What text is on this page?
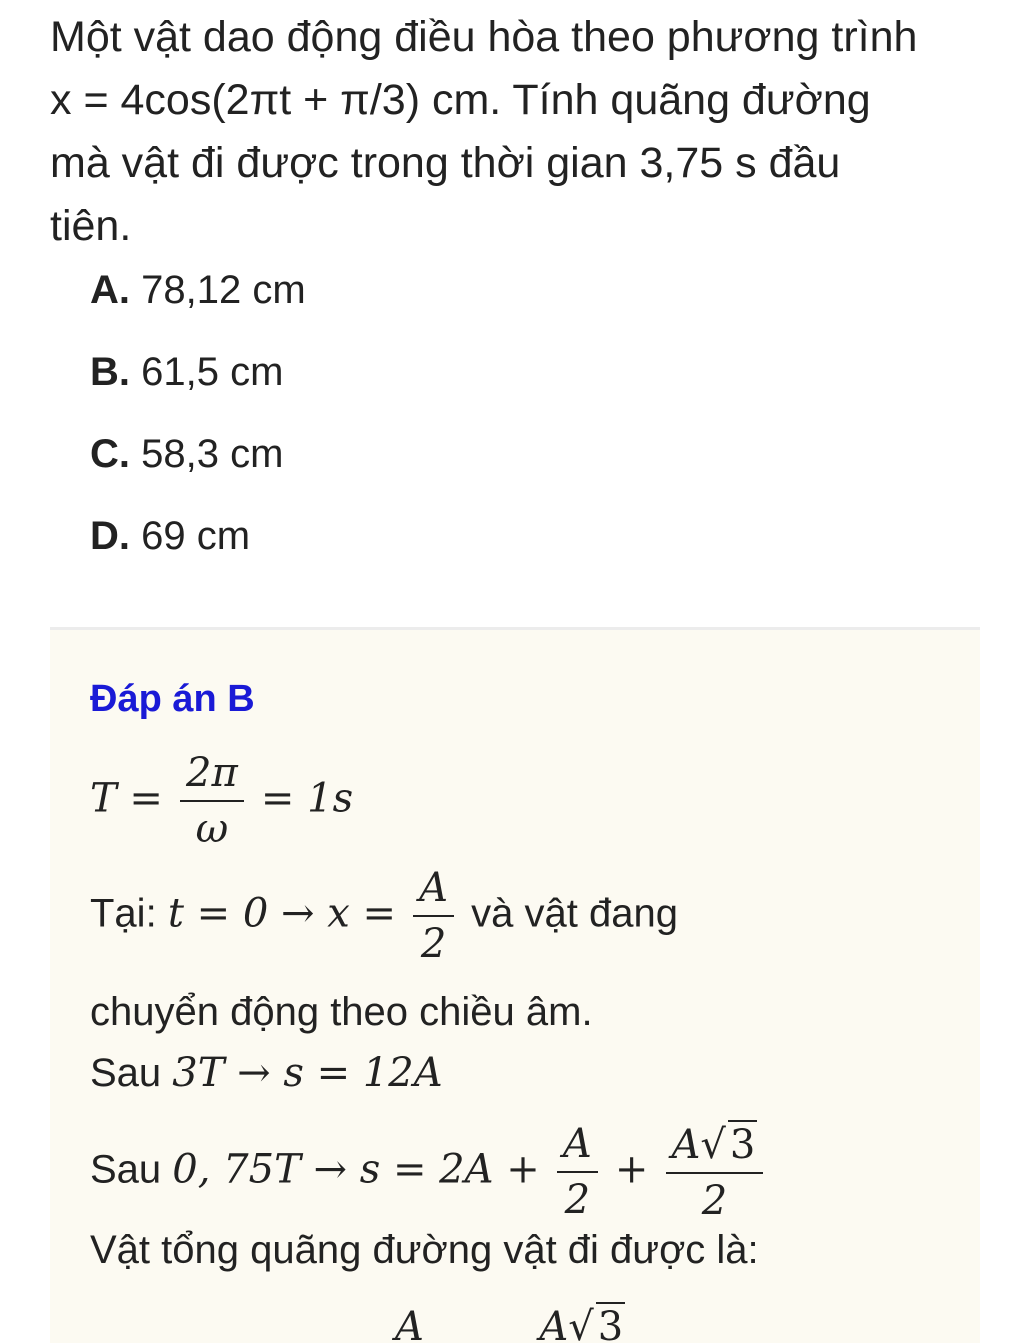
Một vật dao động điều hòa theo phương trình
x = 4cos(2πt + π/3) cm. Tính quãng đường
mà vật đi được trong thời gian 3,75 s đầu
tiên.
A. 78,12 cm
B. 61,5 cm
C. 58,3 cm
D. 69 cm
Đáp án B
$T = \frac{2\pi}{\omega} = 1s$
Tại: $t = 0 \to x = \frac{A}{2}$ và vật đang
chuyển động theo chiều âm.
Sau 3T → s = 12A
Sau 0, $75T \to s = 2A + \frac{A}{2} + \frac{A√ 3}{2}$
Vật tổng quãng đường vật đi được là:
A	A√ 3
